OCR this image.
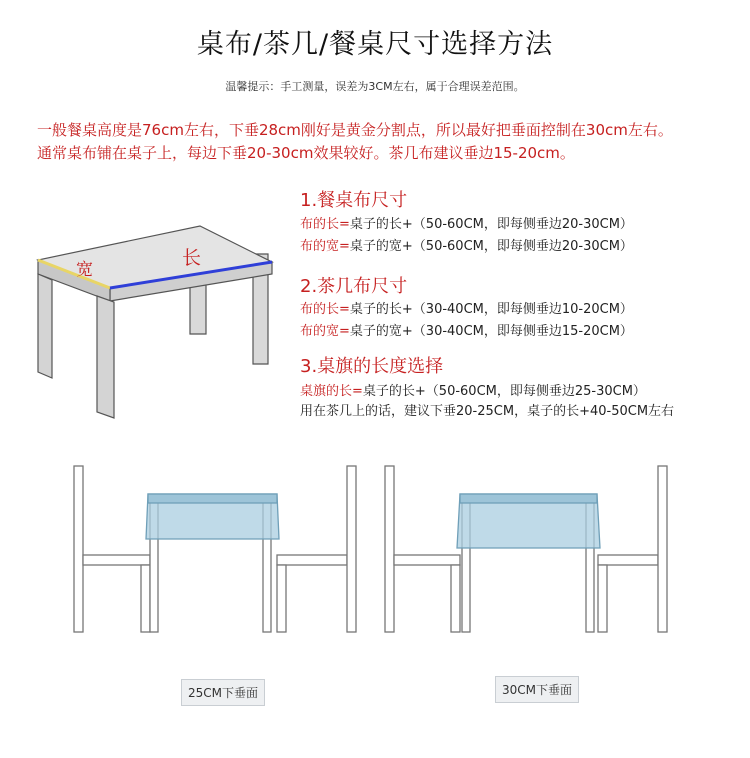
桌布/茶几/餐桌尺寸选择方法
温馨提示：手工测量，误差为3CM左右，属于合理误差范围。
一般餐桌高度是76cm左右，下垂28cm刚好是黄金分割点，所以最好把垂面控制在30cm左右。
通常桌布铺在桌子上，每边下垂20-30cm效果较好。茶几布建议垂边15-20cm。
宽
长
1.餐桌布尺寸
布的长=桌子的长+（50-60CM，即每侧垂边20-30CM）
布的宽=桌子的宽+（50-60CM，即每侧垂边20-30CM）
2.茶几布尺寸
布的长=桌子的长+（30-40CM，即每侧垂边10-20CM）
布的宽=桌子的宽+（30-40CM，即每侧垂边15-20CM）
3.桌旗的长度选择
桌旗的长=桌子的长+（50-60CM，即每侧垂边25-30CM）
用在茶几上的话，建议下垂20-25CM，桌子的长+40-50CM左右
25CM下垂面	30CM下垂面
